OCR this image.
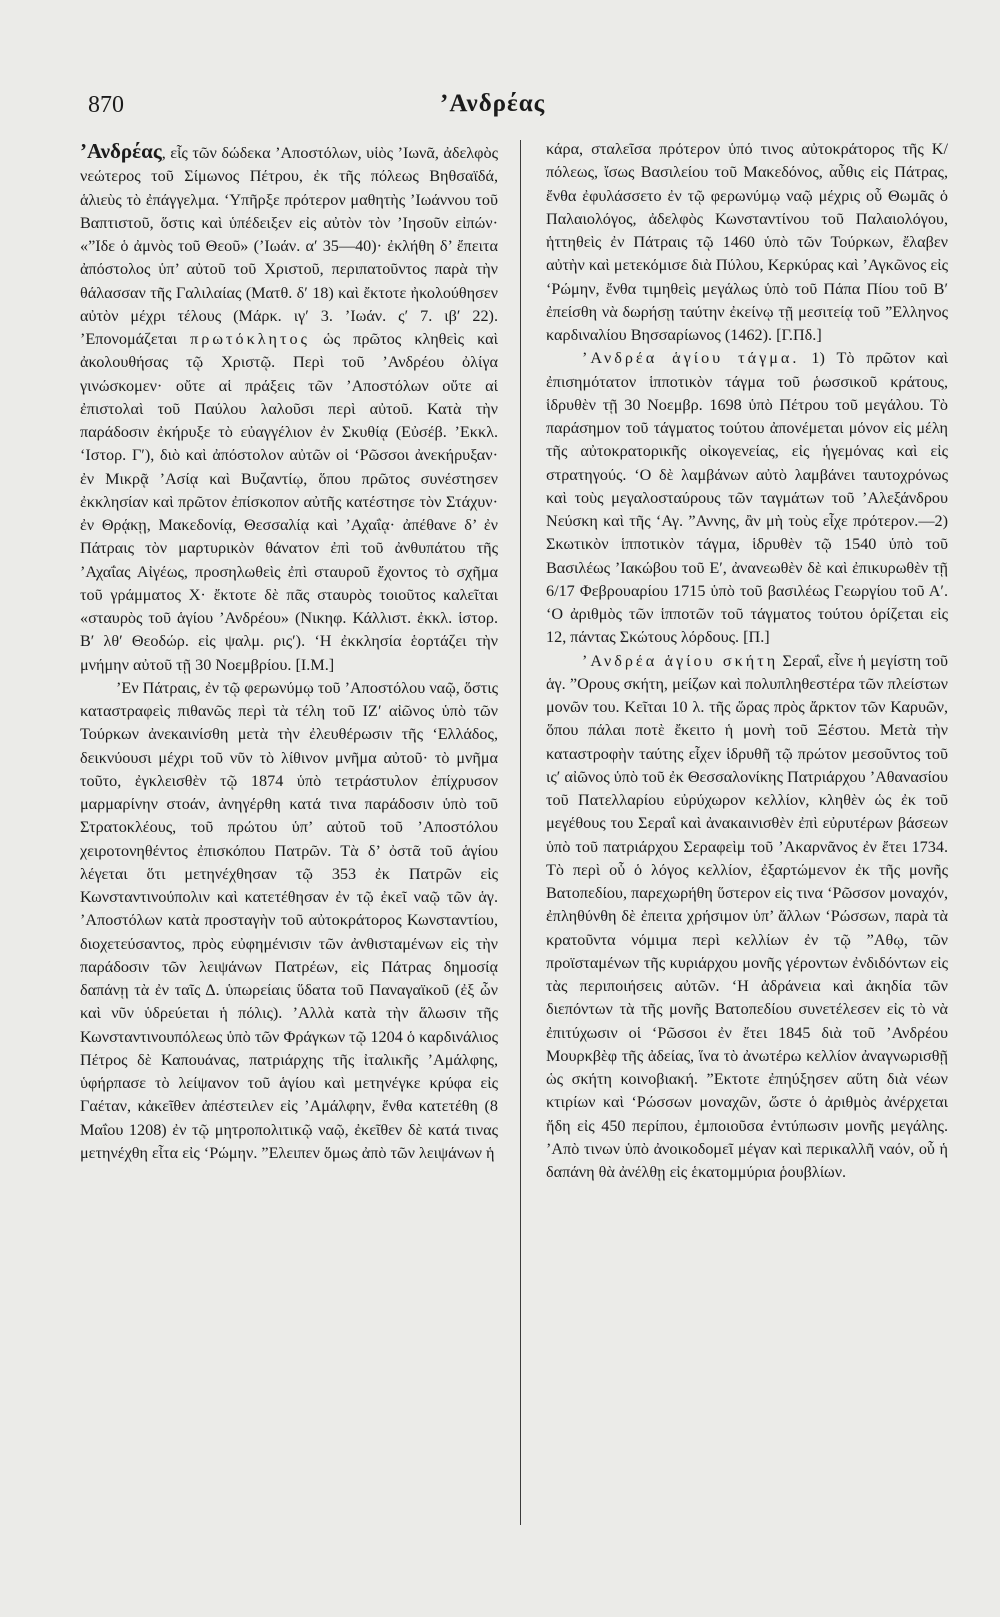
870	’Ανδρέας

’Ανδρέας, εἷς τῶν δώδεκα ’Αποστόλων, υἱὸς ’Ιωνᾶ, ἀδελφὸς νεώτερος τοῦ Σίμωνος Πέτρου, ἐκ τῆς πόλεως Βηθσαϊδά, ἁλιεὺς τὸ ἐπάγγελμα. ‘Υπῆρξε πρότερον μαθητὴς ’Ιωάννου τοῦ Βαπτιστοῦ, ὅστις καὶ ὑπέδειξεν εἰς αὐτὸν τὸν ’Ιησοῦν εἰπών· «”Ιδε ὁ ἀμνὸς τοῦ Θεοῦ» (’Ιωάν. α′ 35—40)· ἐκλήθη δ’ ἔπειτα ἀπόστολος ὑπ’ αὐτοῦ τοῦ Χριστοῦ, περιπατοῦντος παρὰ τὴν θάλασσαν τῆς Γαλιλαίας (Ματθ. δ′ 18) καὶ ἔκτοτε ἠκολούθησεν αὐτὸν μέχρι τέλους (Μάρκ. ιγ′ 3. ’Ιωάν. ς′ 7. ιβ′ 22). ’Επονομάζεται πρωτόκλητος ὡς πρῶτος κληθεὶς καὶ ἀκολουθήσας τῷ Χριστῷ. Περὶ τοῦ ’Ανδρέου ὀλίγα γινώσκομεν· οὔτε αἱ πράξεις τῶν ’Αποστόλων οὔτε αἱ ἐπιστολαὶ τοῦ Παύλου λαλοῦσι περὶ αὐτοῦ. Κατὰ τὴν παράδοσιν ἐκήρυξε τὸ εὐαγγέλιον ἐν Σκυθίᾳ (Εὐσέβ. ’Εκκλ. ‘Ιστορ. Γ′), διὸ καὶ ἀπόστολον αὐτῶν οἱ ‘Ρῶσσοι ἀνεκήρυξαν· ἐν Μικρᾷ ’Ασίᾳ καὶ Βυζαντίῳ, ὅπου πρῶτος συνέστησεν ἐκκλησίαν καὶ πρῶτον ἐπίσκοπον αὐτῆς κατέστησε τὸν Στάχυν· ἐν Θρᾴκῃ, Μακεδονίᾳ, Θεσσαλίᾳ καὶ ’Αχαΐᾳ· ἀπέθανε δ’ ἐν Πάτραις τὸν μαρτυρικὸν θάνατον ἐπὶ τοῦ ἀνθυπάτου τῆς ’Αχαΐας Αἰγέως, προσηλωθεὶς ἐπὶ σταυροῦ ἔχοντος τὸ σχῆμα τοῦ γράμματος Χ· ἔκτοτε δὲ πᾶς σταυρὸς τοιοῦτος καλεῖται «σταυρὸς τοῦ ἁγίου ’Ανδρέου» (Νικηφ. Κάλλιστ. ἐκκλ. ἱστορ. Β′ λθ′ Θεοδώρ. εἰς ψαλμ. ρις′). ‘Η ἐκκλησία ἑορτάζει τὴν μνήμην αὐτοῦ τῇ 30 Νοεμβρίου. [Ι.Μ.]

’Εν Πάτραις, ἐν τῷ φερωνύμῳ τοῦ ’Αποστόλου ναῷ, ὅστις καταστραφεὶς πιθανῶς περὶ τὰ τέλη τοῦ ΙΖ′ αἰῶνος ὑπὸ τῶν Τούρκων ἀνεκαινίσθη μετὰ τὴν ἐλευθέρωσιν τῆς ‘Ελλάδος, δεικνύουσι μέχρι τοῦ νῦν τὸ λίθινον μνῆμα αὐτοῦ· τὸ μνῆμα τοῦτο, ἐγκλεισθὲν τῷ 1874 ὑπὸ τετράστυλον ἐπίχρυσον μαρμαρίνην στοάν, ἀνηγέρθη κατά τινα παράδοσιν ὑπὸ τοῦ Στρατοκλέους, τοῦ πρώτου ὑπ’ αὐτοῦ τοῦ ’Αποστόλου χειροτονηθέντος ἐπισκόπου Πατρῶν. Τὰ δ’ ὀστᾶ τοῦ ἁγίου λέγεται ὅτι μετηνέχθησαν τῷ 353 ἐκ Πατρῶν εἰς Κωνσταντινούπολιν καὶ κατετέθησαν ἐν τῷ ἐκεῖ ναῷ τῶν ἁγ. ’Αποστόλων κατὰ προσταγὴν τοῦ αὐτοκράτορος Κωνσταντίου, διοχετεύσαντος, πρὸς εὐφημένισιν τῶν ἀνθισταμένων εἰς τὴν παράδοσιν τῶν λειψάνων Πατρέων, εἰς Πάτρας δημοσίᾳ δαπάνῃ τὰ ἐν ταῖς Δ. ὑπωρείαις ὕδατα τοῦ Παναγαϊκοῦ (ἐξ ὧν καὶ νῦν ὑδρεύεται ἡ πόλις). ’Αλλὰ κατὰ τὴν ἅλωσιν τῆς Κωνσταντινουπόλεως ὑπὸ τῶν Φράγκων τῷ 1204 ὁ καρδινάλιος Πέτρος δὲ Καπουάνας, πατριάρχης τῆς ἰταλικῆς ’Αμάλφης, ὑφήρπασε τὸ λείψανον τοῦ ἁγίου καὶ μετηνέγκε κρύφα εἰς Γαέταν, κἀκεῖθεν ἀπέστειλεν εἰς ’Αμάλφην, ἔνθα κατετέθη (8 Μαΐου 1208) ἐν τῷ μητροπολιτικῷ ναῷ, ἐκεῖθεν δὲ κατά τινας μετηνέχθη εἶτα εἰς ‘Ρώμην. ”Ελειπεν ὅμως ἀπὸ τῶν λειψάνων ἡ

κάρα, σταλεῖσα πρότερον ὑπό τινος αὐτοκράτορος τῆς Κ/πόλεως, ἴσως Βασιλείου τοῦ Μακεδόνος, αὖθις εἰς Πάτρας, ἔνθα ἐφυλάσσετο ἐν τῷ φερωνύμῳ ναῷ μέχρις οὗ Θωμᾶς ὁ Παλαιολόγος, ἀδελφὸς Κωνσταντίνου τοῦ Παλαιολόγου, ἡττηθεὶς ἐν Πάτραις τῷ 1460 ὑπὸ τῶν Τούρκων, ἔλαβεν αὐτὴν καὶ μετεκόμισε διὰ Πύλου, Κερκύρας καὶ ’Αγκῶνος εἰς ‘Ρώμην, ἔνθα τιμηθεὶς μεγάλως ὑπὸ τοῦ Πάπα Πίου τοῦ Β′ ἐπείσθη νὰ δωρήσῃ ταύτην ἐκείνῳ τῇ μεσιτείᾳ τοῦ ”Ελληνος καρδιναλίου Βησσαρίωνος (1462). [Γ.Πδ.]

’Ανδρέα ἁγίου τάγμα. 1) Τὸ πρῶτον καὶ ἐπισημότατον ἱπποτικὸν τάγμα τοῦ ῥωσσικοῦ κράτους, ἱδρυθὲν τῇ 30 Νοεμβρ. 1698 ὑπὸ Πέτρου τοῦ μεγάλου. Τὸ παράσημον τοῦ τάγματος τούτου ἀπονέμεται μόνον εἰς μέλη τῆς αὐτοκρατορικῆς οἰκογενείας, εἰς ἡγεμόνας καὶ εἰς στρατηγούς. ‘Ο δὲ λαμβάνων αὐτὸ λαμβάνει ταυτοχρόνως καὶ τοὺς μεγαλοσταύρους τῶν ταγμάτων τοῦ ’Αλεξάνδρου Νεύσκη καὶ τῆς ‘Αγ. ”Αννης, ἂν μὴ τοὺς εἶχε πρότερον.—2) Σκωτικὸν ἱπποτικὸν τάγμα, ἱδρυθὲν τῷ 1540 ὑπὸ τοῦ Βασιλέως ’Ιακώβου τοῦ Ε′, ἀνανεωθὲν δὲ καὶ ἐπικυρωθὲν τῇ 6/17 Φεβρουαρίου 1715 ὑπὸ τοῦ βασιλέως Γεωργίου τοῦ Α′. ‘Ο ἀριθμὸς τῶν ἱπποτῶν τοῦ τάγματος τούτου ὁρίζεται εἰς 12, πάντας Σκώτους λόρδους. [Π.]

’Ανδρέα ἁγίου σκήτη Σεραΐ, εἶνε ἡ μεγίστη τοῦ ἁγ. ”Ορους σκήτη, μείζων καὶ πολυπληθεστέρα τῶν πλείστων μονῶν του. Κεῖται 10 λ. τῆς ὥρας πρὸς ἄρκτον τῶν Καρυῶν, ὅπου πάλαι ποτὲ ἔκειτο ἡ μονὴ τοῦ Ξέστου. Μετὰ τὴν καταστροφὴν ταύτης εἶχεν ἱδρυθῆ τῷ πρώτον μεσοῦντος τοῦ ις′ αἰῶνος ὑπὸ τοῦ ἐκ Θεσσαλονίκης Πατριάρχου ’Αθανασίου τοῦ Πατελλαρίου εὐρύχωρον κελλίον, κληθὲν ὡς ἐκ τοῦ μεγέθους του Σεραΐ καὶ ἀνακαινισθὲν ἐπὶ εὐρυτέρων βάσεων ὑπὸ τοῦ πατριάρχου Σεραφεὶμ τοῦ ’Ακαρνᾶνος ἐν ἔτει 1734. Τὸ περὶ οὗ ὁ λόγος κελλίον, ἐξαρτώμενον ἐκ τῆς μονῆς Βατοπεδίου, παρεχωρήθη ὕστερον εἰς τινα ‘Ρῶσσον μοναχόν, ἐπληθύνθη δὲ ἐπειτα χρήσιμον ὑπ’ ἄλλων ‘Ρώσσων, παρὰ τὰ κρατοῦντα νόμιμα περὶ κελλίων ἐν τῷ ”Αθῳ, τῶν προϊσταμένων τῆς κυριάρχου μονῆς γέροντων ἐνδιδόντων εἰς τὰς περιποιήσεις αὐτῶν. ‘Η ἀδράνεια καὶ ἀκηδία τῶν διεπόντων τὰ τῆς μονῆς Βατοπεδίου συνετέλεσεν εἰς τὸ νὰ ἐπιτύχωσιν οἱ ‘Ρῶσσοι ἐν ἔτει 1845 διὰ τοῦ ’Ανδρέου Μουρκβὲφ τῆς ἀδείας, ἵνα τὸ ἀνωτέρω κελλίον ἀναγνωρισθῇ ὡς σκήτη κοινοβιακή. ”Εκτοτε ἐπηύξησεν αὕτη διὰ νέων κτιρίων καὶ ‘Ρώσσων μοναχῶν, ὥστε ὁ ἀριθμὸς ἀνέρχεται ἤδη εἰς 450 περίπου, ἐμποιοῦσα ἐντύπωσιν μονῆς μεγάλης. ’Απὸ τινων ὑπὸ ἀνοικοδομεῖ μέγαν καὶ περικαλλῆ ναόν, οὗ ἡ δαπάνη θὰ ἀνέλθῃ εἰς ἑκατομμύρια ῥουβλίων.
